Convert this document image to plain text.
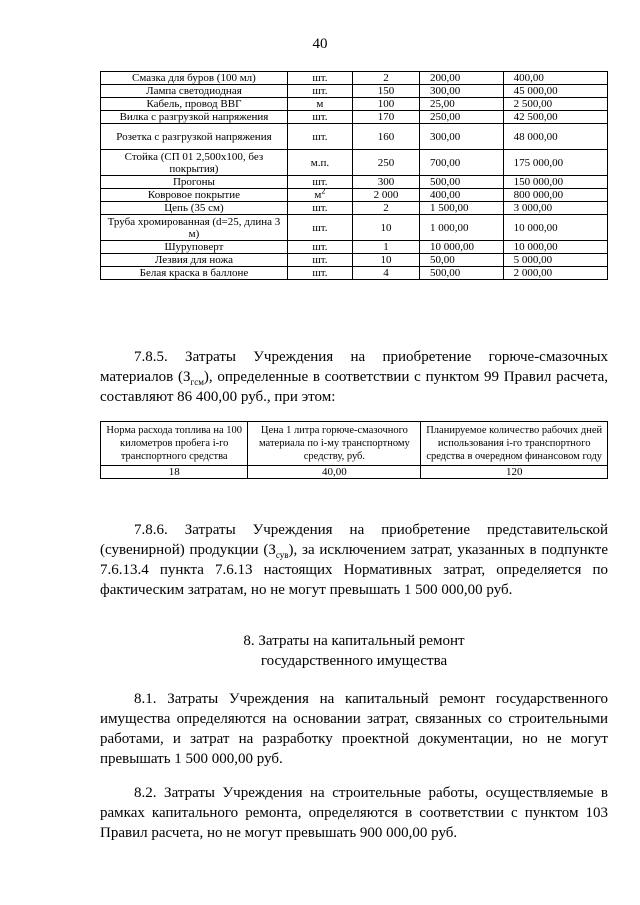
40
Смазка для буров (100 мл)	шт.	2	200,00	400,00
Лампа светодиодная	шт.	150	300,00	45 000,00
Кабель, провод ВВГ	м	100	25,00	2 500,00
Вилка с разгрузкой напряжения	шт.	170	250,00	42 500,00
Розетка с разгрузкой напряжения	шт.	160	300,00	48 000,00
Стойка (СП 01 2,500х100, без покрытия)	м.п.	250	700,00	175 000,00
Прогоны	шт.	300	500,00	150 000,00
Ковровое покрытие	$м^2$	2 000	400,00	800 000,00
Цепь (35 см)	шт.	2	1 500,00	3 000,00
Труба хромированная (d=25, длина 3 м)	шт.	10	1 000,00	10 000,00
Шуруповерт	шт.	1	10 000,00	10 000,00
Лезвия для ножа	шт.	10	50,00	5 000,00
Белая краска в баллоне	шт.	4	500,00	2 000,00

7.8.5. Затраты Учреждения на приобретение горюче-смазочных материалов $(З_{гсм})$, определенные в соответствии с пунктом 99 Правил расчета, составляют 86 400,00 руб., при этом:

Норма расхода топлива на 100 километров пробега i-го транспортного средства	Цена 1 литра горюче-смазочного материала по i-му транспортному средству, руб.	Планируемое количество рабочих дней использования i-го транспортного средства в очередном финансовом году
18	40,00	120

7.8.6. Затраты Учреждения на приобретение представительской (сувенирной) продукции $(З_{сув})$, за исключением затрат, указанных в подпункте 7.6.13.4 пункта 7.6.13 настоящих Нормативных затрат, определяется по фактическим затратам, но не могут превышать 1 500 000,00 руб.

8. Затраты на капитальный ремонт
государственного имущества

8.1. Затраты Учреждения на капитальный ремонт государственного имущества определяются на основании затрат, связанных со строительными работами, и затрат на разработку проектной документации, но не могут превышать 1 500 000,00 руб.

8.2. Затраты Учреждения на строительные работы, осуществляемые в рамках капитального ремонта, определяются в соответствии с пунктом 103 Правил расчета, но не могут превышать 900 000,00 руб.
